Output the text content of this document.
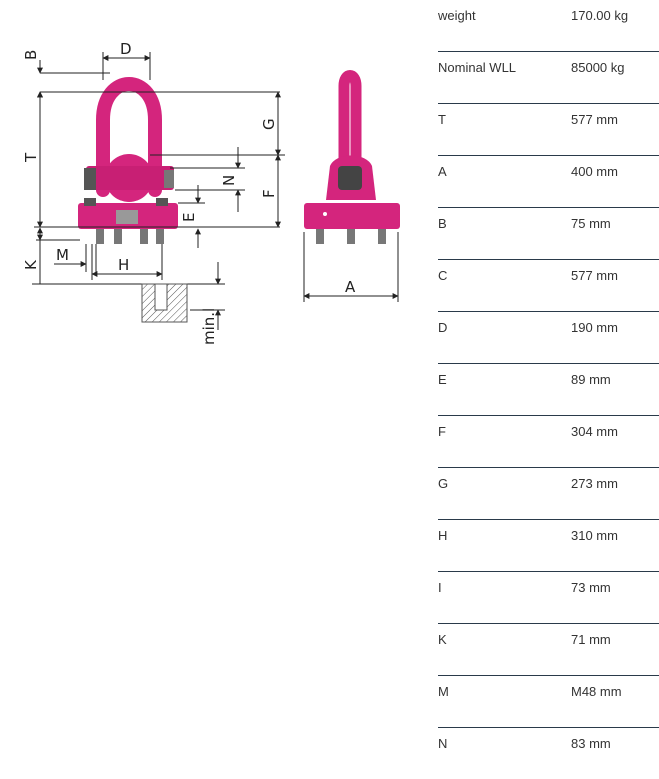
B	D
T
G
N
F
E
K
M
H
min.l
A
weight	170.00 kg
Nominal WLL	85000 kg
T	577 mm
A	400 mm
B	75 mm
C	577 mm
D	190 mm
E	89 mm
F	304 mm
G	273 mm
H	310 mm
I	73 mm
K	71 mm
M	M48 mm
N	83 mm
